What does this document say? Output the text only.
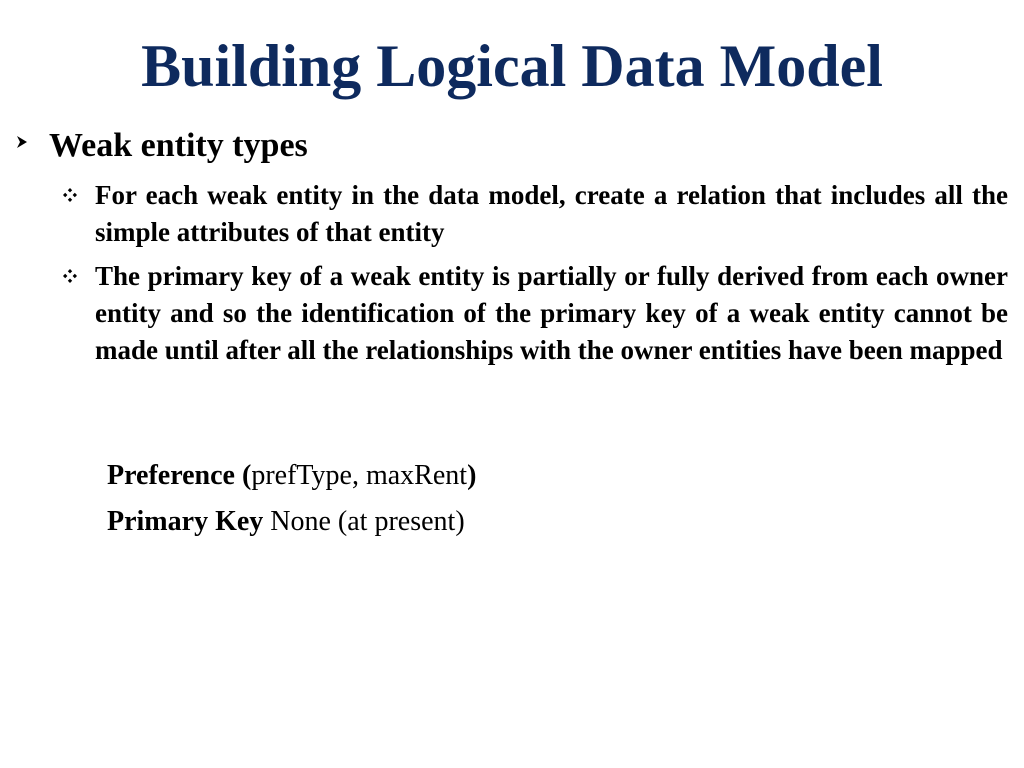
Building Logical Data Model
Weak entity types
For each weak entity in the data model, create a relation that includes all the simple attributes of that entity
The primary key of a weak entity is partially or fully derived from each owner entity and so the identification of the primary key of a weak entity cannot be made until after all the relationships with the owner entities have been mapped
Preference (prefType, maxRent)
Primary Key None (at present)
